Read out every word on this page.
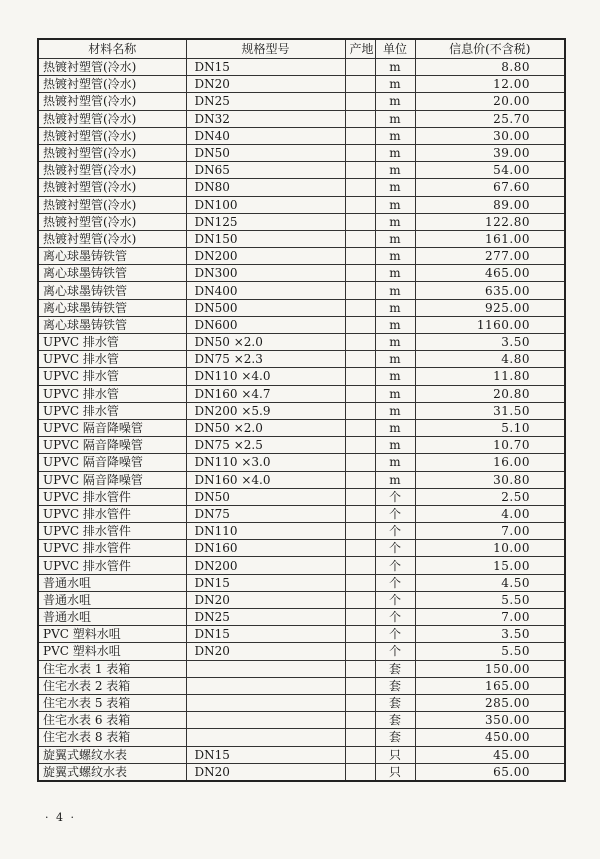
材料名称	规格型号	产地	单位	信息价(不含税)
热镀衬塑管(冷水)	DN15		m	8.80
热镀衬塑管(冷水)	DN20		m	12.00
热镀衬塑管(冷水)	DN25		m	20.00
热镀衬塑管(冷水)	DN32		m	25.70
热镀衬塑管(冷水)	DN40		m	30.00
热镀衬塑管(冷水)	DN50		m	39.00
热镀衬塑管(冷水)	DN65		m	54.00
热镀衬塑管(冷水)	DN80		m	67.60
热镀衬塑管(冷水)	DN100		m	89.00
热镀衬塑管(冷水)	DN125		m	122.80
热镀衬塑管(冷水)	DN150		m	161.00
离心球墨铸铁管	DN200		m	277.00
离心球墨铸铁管	DN300		m	465.00
离心球墨铸铁管	DN400		m	635.00
离心球墨铸铁管	DN500		m	925.00
离心球墨铸铁管	DN600		m	1160.00
UPVC 排水管	DN50 ×2.0		m	3.50
UPVC 排水管	DN75 ×2.3		m	4.80
UPVC 排水管	DN110 ×4.0		m	11.80
UPVC 排水管	DN160 ×4.7		m	20.80
UPVC 排水管	DN200 ×5.9		m	31.50
UPVC 隔音降噪管	DN50 ×2.0		m	5.10
UPVC 隔音降噪管	DN75 ×2.5		m	10.70
UPVC 隔音降噪管	DN110 ×3.0		m	16.00
UPVC 隔音降噪管	DN160 ×4.0		m	30.80
UPVC 排水管件	DN50		个	2.50
UPVC 排水管件	DN75		个	4.00
UPVC 排水管件	DN110		个	7.00
UPVC 排水管件	DN160		个	10.00
UPVC 排水管件	DN200		个	15.00
普通水咀	DN15		个	4.50
普通水咀	DN20		个	5.50
普通水咀	DN25		个	7.00
PVC 塑料水咀	DN15		个	3.50
PVC 塑料水咀	DN20		个	5.50
住宅水表 1 表箱			套	150.00
住宅水表 2 表箱			套	165.00
住宅水表 5 表箱			套	285.00
住宅水表 6 表箱			套	350.00
住宅水表 8 表箱			套	450.00
旋翼式螺纹水表	DN15		只	45.00
旋翼式螺纹水表	DN20		只	65.00
· 4 ·
